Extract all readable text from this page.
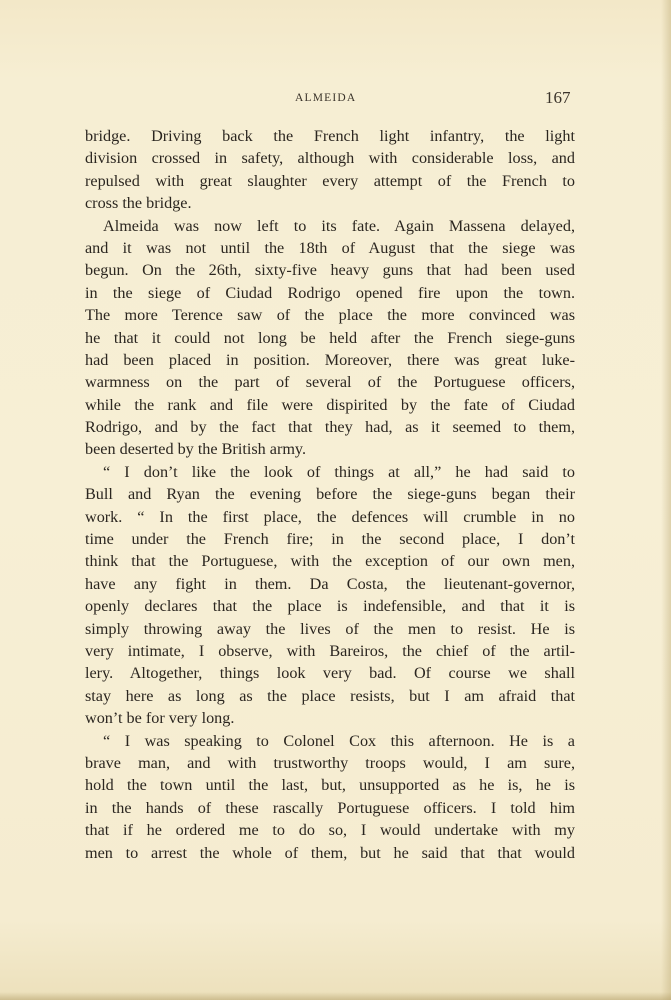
ALMEIDA	167
bridge. Driving back the French light infantry, the light
division crossed in safety, although with considerable loss, and
repulsed with great slaughter every attempt of the French to
cross the bridge.
Almeida was now left to its fate. Again Massena delayed,
and it was not until the 18th of August that the siege was
begun. On the 26th, sixty-five heavy guns that had been used
in the siege of Ciudad Rodrigo opened fire upon the town.
The more Terence saw of the place the more convinced was
he that it could not long be held after the French siege-guns
had been placed in position. Moreover, there was great luke-
warmness on the part of several of the Portuguese officers,
while the rank and file were dispirited by the fate of Ciudad
Rodrigo, and by the fact that they had, as it seemed to them,
been deserted by the British army.
“ I don’t like the look of things at all,” he had said to
Bull and Ryan the evening before the siege-guns began their
work. “ In the first place, the defences will crumble in no
time under the French fire; in the second place, I don’t
think that the Portuguese, with the exception of our own men,
have any fight in them. Da Costa, the lieutenant-governor,
openly declares that the place is indefensible, and that it is
simply throwing away the lives of the men to resist. He is
very intimate, I observe, with Bareiros, the chief of the artil-
lery. Altogether, things look very bad. Of course we shall
stay here as long as the place resists, but I am afraid that
won’t be for very long.
“ I was speaking to Colonel Cox this afternoon. He is a
brave man, and with trustworthy troops would, I am sure,
hold the town until the last, but, unsupported as he is, he is
in the hands of these rascally Portuguese officers. I told him
that if he ordered me to do so, I would undertake with my
men to arrest the whole of them, but he said that that would
